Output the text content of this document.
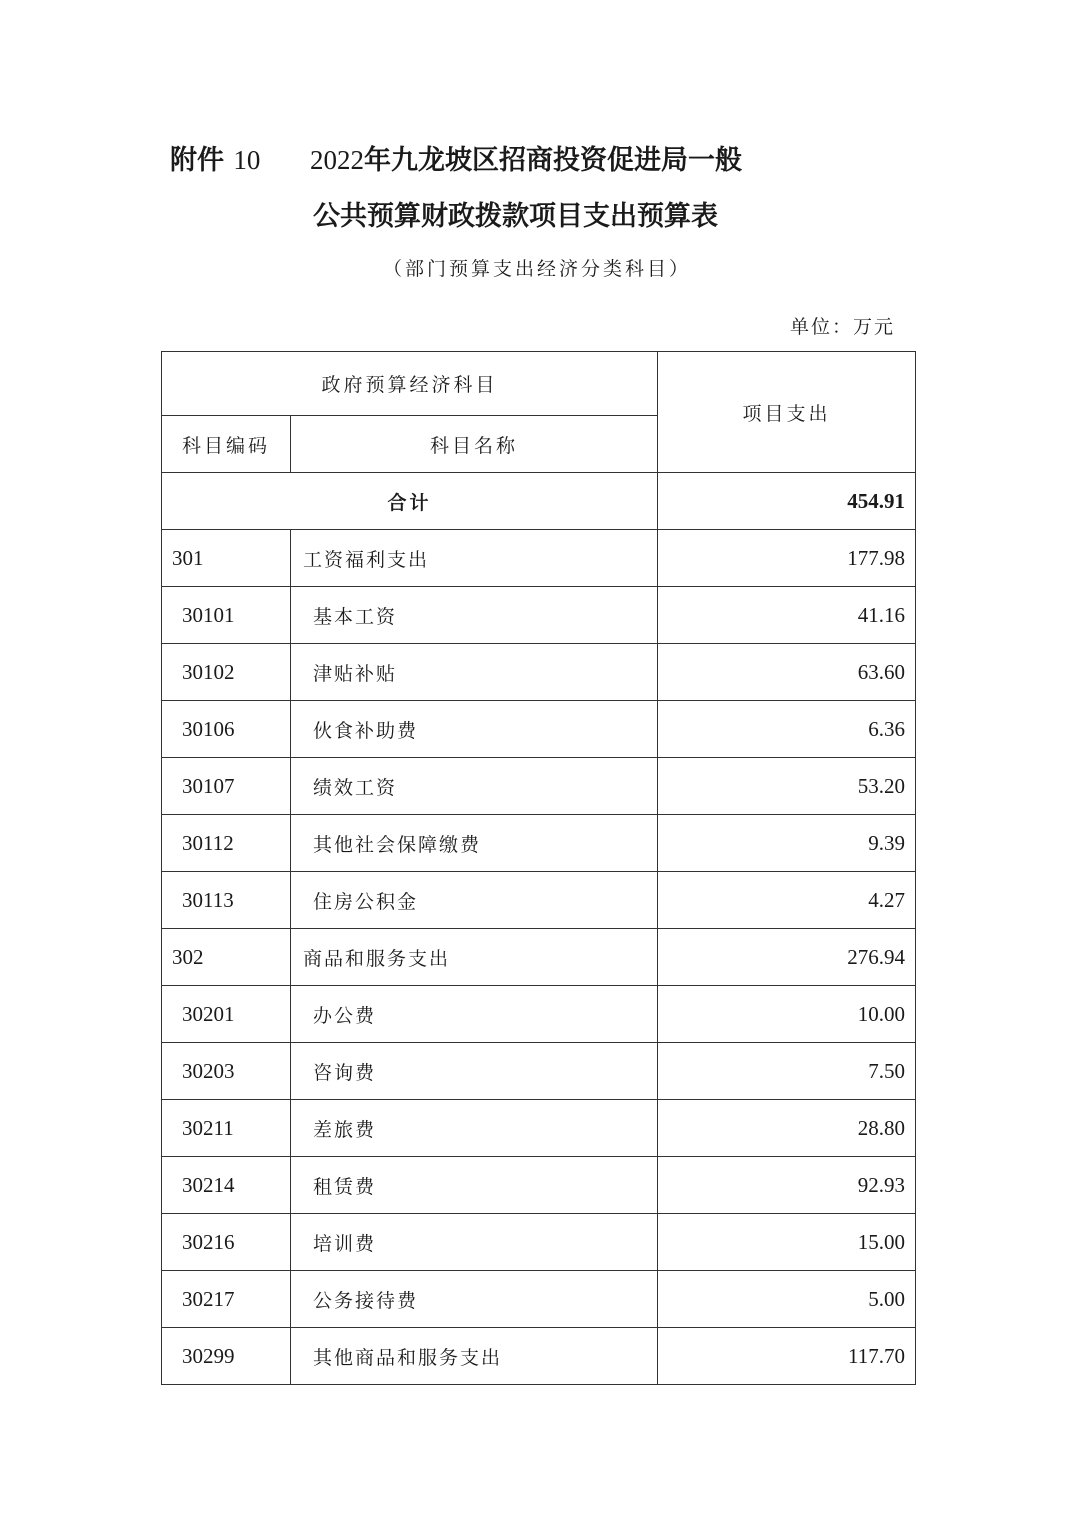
附件 10 2022年九龙坡区招商投资促进局一般
公共预算财政拨款项目支出预算表
（部门预算支出经济分类科目）
单位：万元
政府预算经济科目		项目支出
科目编码	科目名称	
合计		454.91
301	工资福利支出	177.98
30101	基本工资	41.16
30102	津贴补贴	63.60
30106	伙食补助费	6.36
30107	绩效工资	53.20
30112	其他社会保障缴费	9.39
30113	住房公积金	4.27
302	商品和服务支出	276.94
30201	办公费	10.00
30203	咨询费	7.50
30211	差旅费	28.80
30214	租赁费	92.93
30216	培训费	15.00
30217	公务接待费	5.00
30299	其他商品和服务支出	117.70
